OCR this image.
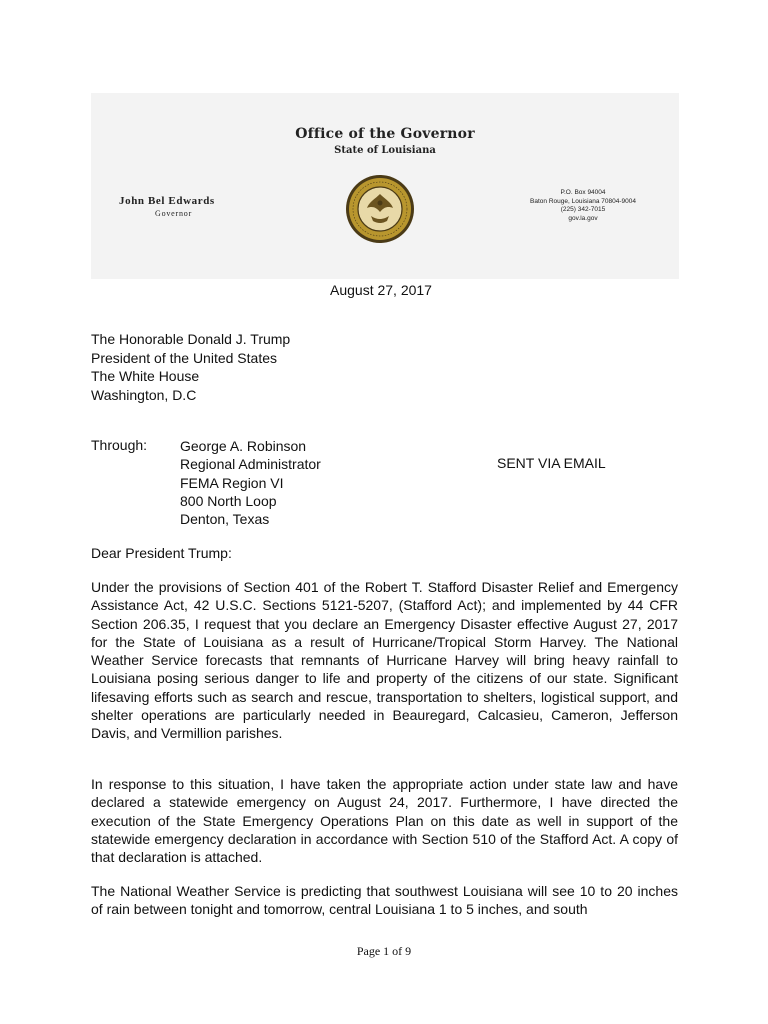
Office of the Governor
State of Louisiana
John Bel Edwards
Governor
P.O. Box 94004
Baton Rouge, Louisiana 70804-9004
(225) 342-7015
gov.la.gov
August 27, 2017
The Honorable Donald J. Trump
President of the United States
The White House
Washington, D.C
Through: George A. Robinson
Regional Administrator
FEMA Region VI
800 North Loop
Denton, Texas
SENT VIA EMAIL
Dear President Trump:

Under the provisions of Section 401 of the Robert T. Stafford Disaster Relief and Emergency Assistance Act, 42 U.S.C. Sections 5121-5207, (Stafford Act); and implemented by 44 CFR Section 206.35, I request that you declare an Emergency Disaster effective August 27, 2017 for the State of Louisiana as a result of Hurricane/Tropical Storm Harvey. The National Weather Service forecasts that remnants of Hurricane Harvey will bring heavy rainfall to Louisiana posing serious danger to life and property of the citizens of our state. Significant lifesaving efforts such as search and rescue, transportation to shelters, logistical support, and shelter operations are particularly needed in Beauregard, Calcasieu, Cameron, Jefferson Davis, and Vermillion parishes.

In response to this situation, I have taken the appropriate action under state law and have declared a statewide emergency on August 24, 2017. Furthermore, I have directed the execution of the State Emergency Operations Plan on this date as well in support of the statewide emergency declaration in accordance with Section 510 of the Stafford Act. A copy of that declaration is attached.

The National Weather Service is predicting that southwest Louisiana will see 10 to 20 inches of rain between tonight and tomorrow, central Louisiana 1 to 5 inches, and south

Page 1 of 9
